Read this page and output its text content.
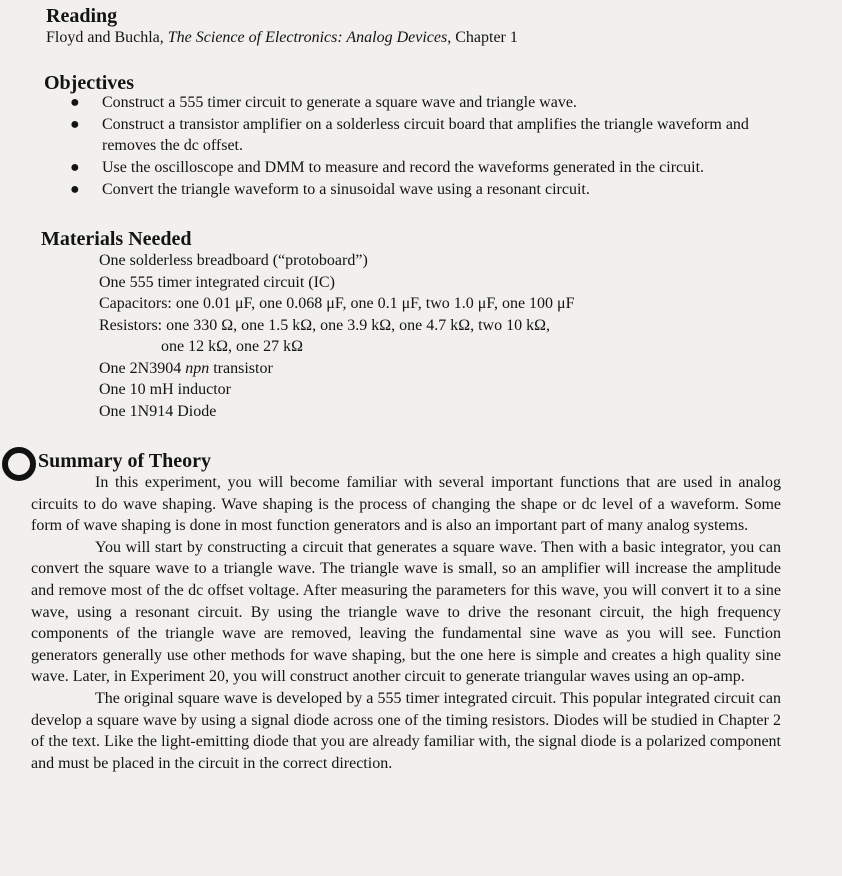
Reading
Floyd and Buchla, The Science of Electronics: Analog Devices, Chapter 1
Objectives
● Construct a 555 timer circuit to generate a square wave and triangle wave.
● Construct a transistor amplifier on a solderless circuit board that amplifies the triangle waveform and removes the dc offset.
● Use the oscilloscope and DMM to measure and record the waveforms generated in the circuit.
● Convert the triangle waveform to a sinusoidal wave using a resonant circuit.
Materials Needed
One solderless breadboard (“protoboard”)
One 555 timer integrated circuit (IC)
Capacitors: one 0.01 μF, one 0.068 μF, one 0.1 μF, two 1.0 μF, one 100 μF
Resistors: one 330 Ω, one 1.5 kΩ, one 3.9 kΩ, one 4.7 kΩ, two 10 kΩ,
one 12 kΩ, one 27 kΩ
One 2N3904 npn transistor
One 10 mH inductor
One 1N914 Diode
Summary of Theory

In this experiment, you will become familiar with several important functions that are used in analog circuits to do wave shaping. Wave shaping is the process of changing the shape or dc level of a waveform. Some form of wave shaping is done in most function generators and is also an important part of many analog systems.

You will start by constructing a circuit that generates a square wave. Then with a basic integrator, you can convert the square wave to a triangle wave. The triangle wave is small, so an amplifier will increase the amplitude and remove most of the dc offset voltage. After measuring the parameters for this wave, you will convert it to a sine wave, using a resonant circuit. By using the triangle wave to drive the resonant circuit, the high frequency components of the triangle wave are removed, leaving the fundamental sine wave as you will see. Function generators generally use other methods for wave shaping, but the one here is simple and creates a high quality sine wave. Later, in Experiment 20, you will construct another circuit to generate triangular waves using an op-amp.

The original square wave is developed by a 555 timer integrated circuit. This popular integrated circuit can develop a square wave by using a signal diode across one of the timing resistors. Diodes will be studied in Chapter 2 of the text. Like the light-emitting diode that you are already familiar with, the signal diode is a polarized component and must be placed in the circuit in the correct direction.
